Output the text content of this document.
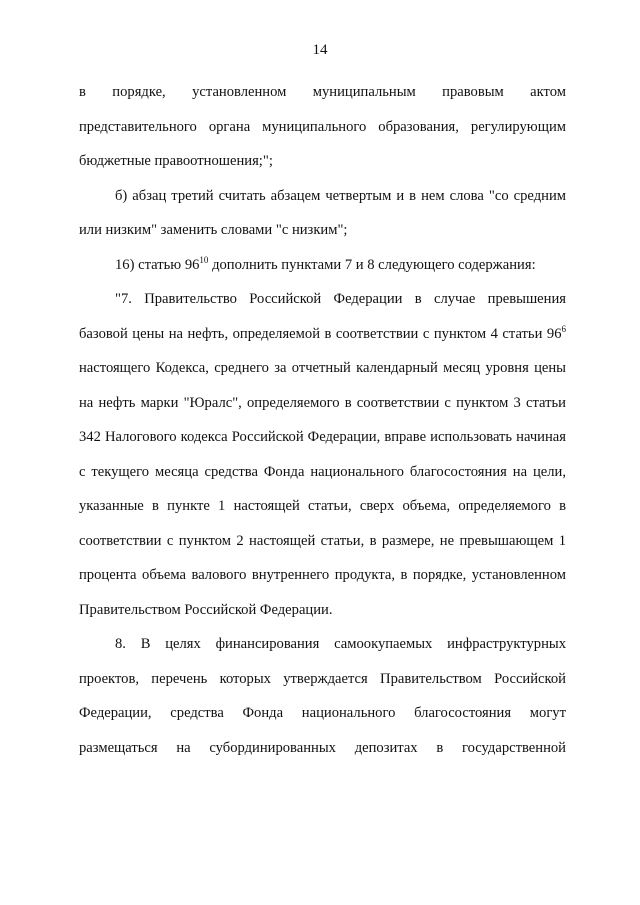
14

в порядке, установленном муниципальным правовым актом представительного органа муниципального образования, регулирующим бюджетные правоотношения;";

б) абзац третий считать абзацем четвертым и в нем слова "со средним или низким" заменить словами "с низким";

16) статью $96^{10}$ дополнить пунктами 7 и 8 следующего содержания:

"7. Правительство Российской Федерации в случае превышения базовой цены на нефть, определяемой в соответствии с пунктом 4 статьи $96^6$ настоящего Кодекса, среднего за отчетный календарный месяц уровня цены на нефть марки "Юралс", определяемого в соответствии с пунктом 3 статьи 342 Налогового кодекса Российской Федерации, вправе использовать начиная с текущего месяца средства Фонда национального благосостояния на цели, указанные в пункте 1 настоящей статьи, сверх объема, определяемого в соответствии с пунктом 2 настоящей статьи, в размере, не превышающем 1 процента объема валового внутреннего продукта, в порядке, установленном Правительством Российской Федерации.

8. В целях финансирования самоокупаемых инфраструктурных проектов, перечень которых утверждается Правительством Российской Федерации, средства Фонда национального благосостояния могут размещаться на субординированных депозитах в государственной
